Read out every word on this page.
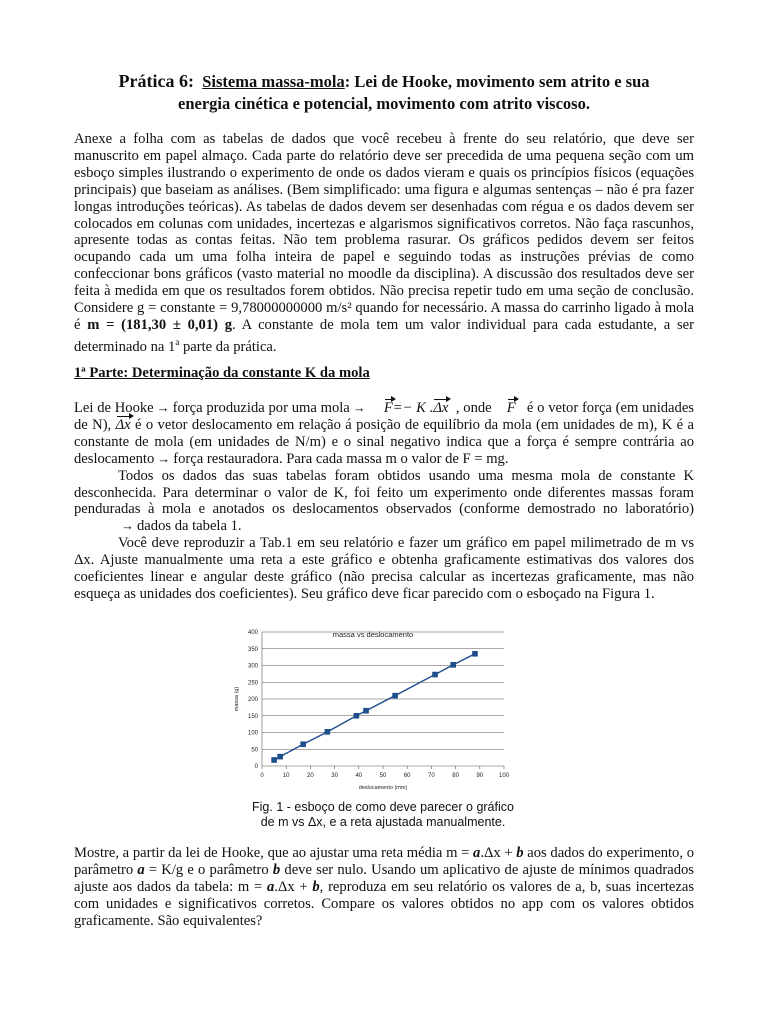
Prática 6: Sistema massa-mola: Lei de Hooke, movimento sem atrito e sua
energia cinética e potencial, movimento com atrito viscoso.

Anexe a folha com as tabelas de dados que você recebeu à frente do seu relatório, que deve ser manuscrito em papel almaço. Cada parte do relatório deve ser precedida de uma pequena seção com um esboço simples ilustrando o experimento de onde os dados vieram e quais os princípios físicos (equações principais) que baseiam as análises. (Bem simplificado: uma figura e algumas sentenças – não é pra fazer longas introduções teóricas). As tabelas de dados devem ser desenhadas com régua e os dados devem ser colocados em colunas com unidades, incertezas e algarismos significativos corretos. Não faça rascunhos, apresente todas as contas feitas. Não tem problema rasurar. Os gráficos pedidos devem ser feitos ocupando cada um uma folha inteira de papel e seguindo todas as instruções prévias de como confeccionar bons gráficos (vasto material no moodle da disciplina). A discussão dos resultados deve ser feita à medida em que os resultados forem obtidos. Não precisa repetir tudo em uma seção de conclusão. Considere g = constante = 9,78000000000 m/s² quando for necessário. A massa do carrinho ligado à mola é m = (181,30 ± 0,01) g. A constante de mola tem um valor individual para cada estudante, a ser determinado na 1$^a$ parte da prática.

1ª Parte: Determinação da constante K da mola

Lei de Hooke → força produzida por uma mola → F=− K .Δx , onde F é o vetor força (em unidades de N), Δx é o vetor deslocamento em relação á posição de equilíbrio da mola (em unidades de m), K é a constante de mola (em unidades de N/m) e o sinal negativo indica que a força é sempre contrária ao deslocamento → força restauradora. Para cada massa m o valor de F = mg.

Todos os dados das suas tabelas foram obtidos usando uma mesma mola de constante K desconhecida. Para determinar o valor de K, foi feito um experimento onde diferentes massas foram penduradas à mola e anotados os deslocamentos observados (conforme demostrado no laboratório)→ dados da tabela 1.

Você deve reproduzir a Tab.1 em seu relatório e fazer um gráfico em papel milimetrado de m vs Δx. Ajuste manualmente uma reta a este gráfico e obtenha graficamente estimativas dos valores dos coeficientes linear e angular deste gráfico (não precisa calcular as incertezas graficamente, mas não esqueça as unidades dos coeficientes). Seu gráfico deve ficar parecido com o esboçado na Figura 1.

0
50
100
150
200
250
300
350
400
0	10	20	30	40	50	60	70	80	90	100
massa vs deslocamento
deslocamento (mm)
massa (g)
Fig. 1 - esboço de como deve parecer o gráfico
de m vs Δx, e a reta ajustada manualmente.

Mostre, a partir da lei de Hooke, que ao ajustar uma reta média m = a.Δx + b aos dados do experimento, o parâmetro a = K/g e o parâmetro b deve ser nulo. Usando um aplicativo de ajuste de mínimos quadrados ajuste aos dados da tabela: m = a.Δx + b, reproduza em seu relatório os valores de a, b, suas incertezas com unidades e significativos corretos. Compare os valores obtidos no app com os valores obtidos graficamente. São equivalentes?
